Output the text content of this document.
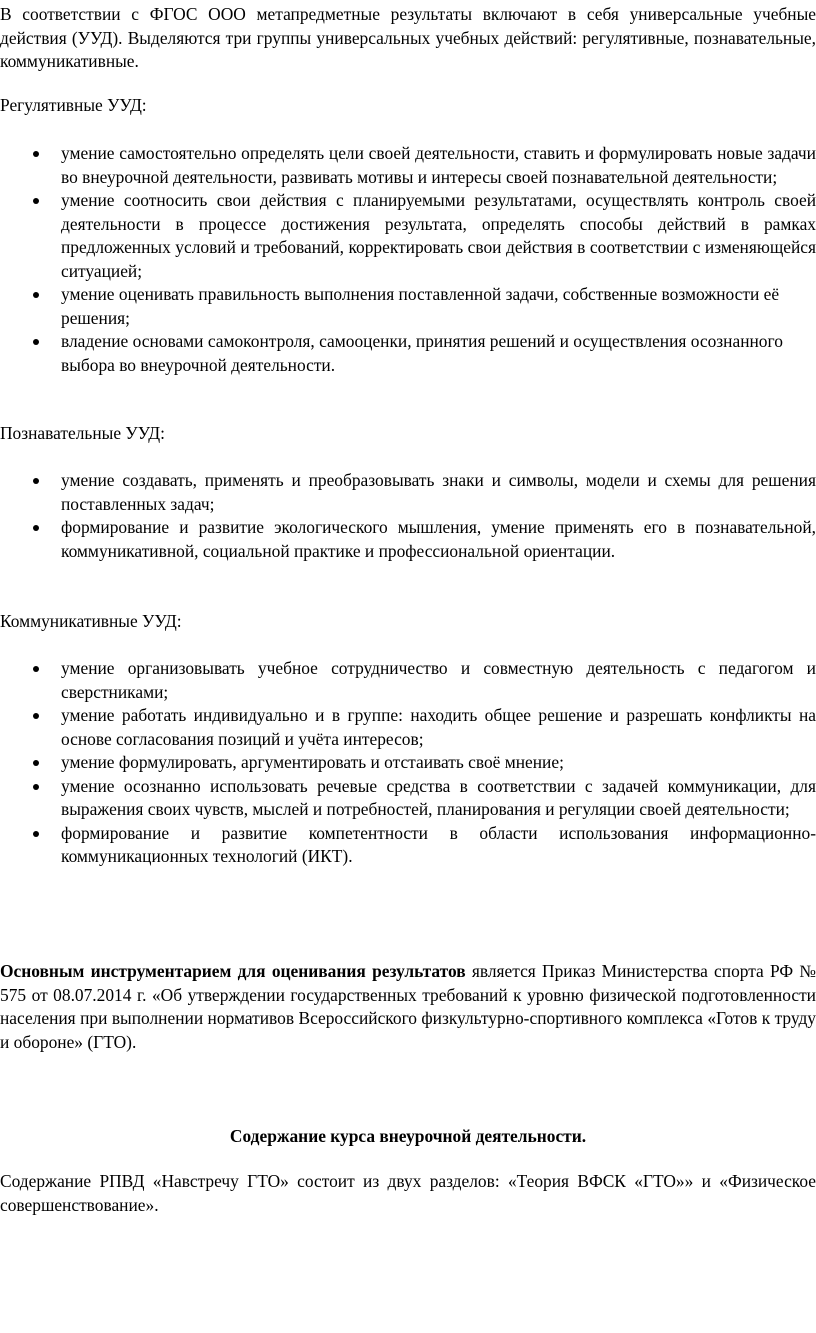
В соответствии с ФГОС ООО метапредметные результаты включают в себя универсальные учебные действия (УУД). Выделяются три группы универсальных учебных действий: регулятивные, познавательные, коммуникативные.

Регулятивные УУД:

умение самостоятельно определять цели своей деятельности, ставить и формулировать новые задачи во внеурочной деятельности, развивать мотивы и интересы своей познавательной деятельности;
умение соотносить свои действия с планируемыми результатами, осуществлять контроль своей деятельности в процессе достижения результата, определять способы действий в рамках предложенных условий и требований, корректировать свои действия в соответствии с изменяющейся ситуацией;
умение оценивать правильность выполнения поставленной задачи, собственные возможности её решения;
владение основами самоконтроля, самооценки, принятия решений и осуществления осознанного выбора во внеурочной деятельности.

Познавательные УУД:

умение создавать, применять и преобразовывать знаки и символы, модели и схемы для решения поставленных задач;
формирование и развитие экологического мышления, умение применять его в познавательной, коммуникативной, социальной практике и профессиональной ориентации.

Коммуникативные УУД:

умение организовывать учебное сотрудничество и совместную деятельность с педагогом и сверстниками;
умение работать индивидуально и в группе: находить общее решение и разрешать конфликты на основе согласования позиций и учёта интересов;
умение формулировать, аргументировать и отстаивать своё мнение;
умение осознанно использовать речевые средства в соответствии с задачей коммуникации, для выражения своих чувств, мыслей и потребностей, планирования и регуляции своей деятельности;
формирование и развитие компетентности в области использования информационно-коммуникационных технологий (ИКТ).

Основным инструментарием для оценивания результатов является Приказ Министерства спорта РФ № 575 от 08.07.2014 г. «Об утверждении государственных требований к уровню физической подготовленности населения при выполнении нормативов Всероссийского физкультурно-спортивного комплекса «Готов к труду и обороне» (ГТО).

Содержание курса внеурочной деятельности.

Содержание РПВД «Навстречу ГТО» состоит из двух разделов: «Теория ВФСК «ГТО»» и «Физическое совершенствование».
